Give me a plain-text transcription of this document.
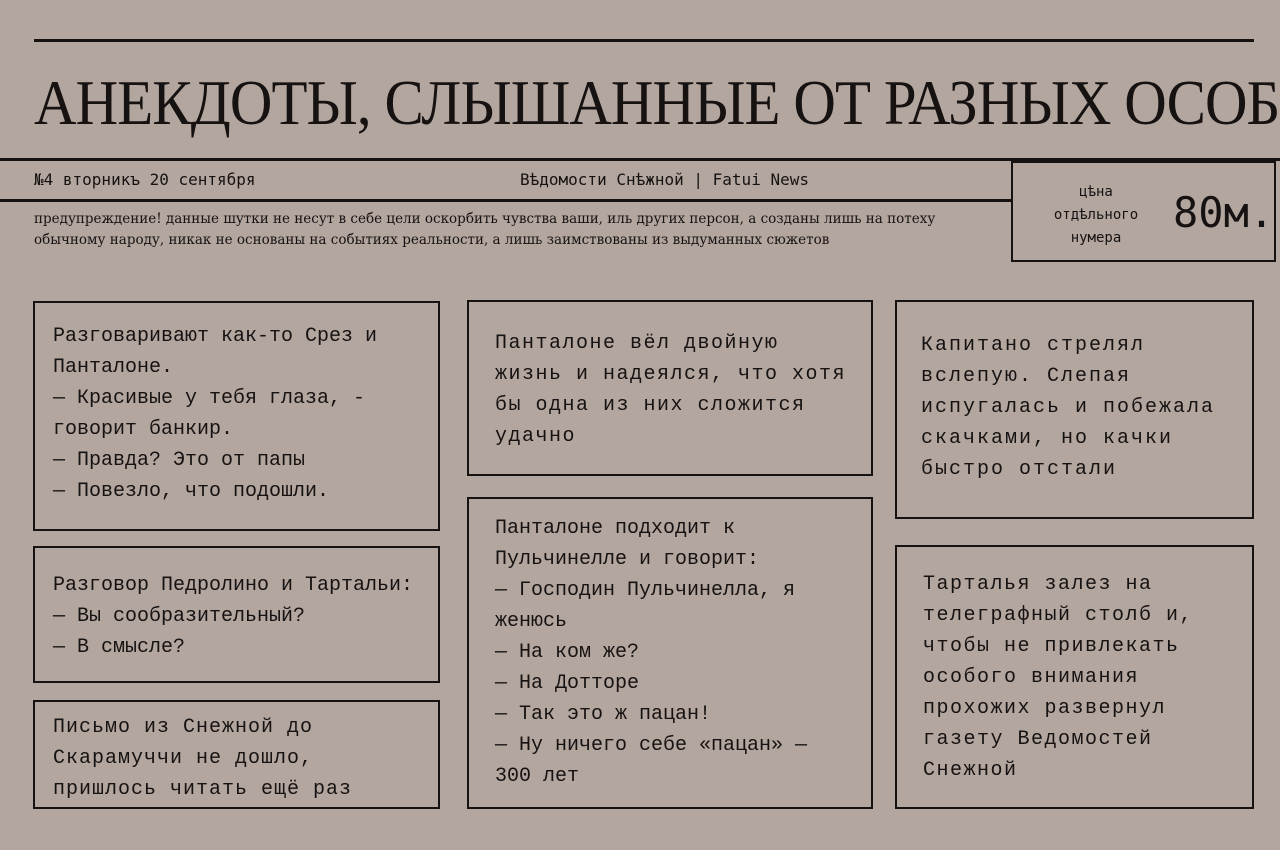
АНЕКДОТЫ, СЛЫШАННЫЕ ОТ РАЗНЫХ ОСОБ
№4 вторникъ 20 сентября	Вѣдомости Снѣжной | Fatui News
предупреждение! данные шутки не несут в себе цели оскорбить чувства ваши, иль других персон, а созданы лишь на потеху обычному народу, никак не основаны на событиях реальности, а лишь заимствованы из выдуманных сюжетов
цѣна отдѣльного нумера
80м.
Разговаривают как-то Срез и Панталоне.
— Красивые у тебя глаза, - говорит банкир.
— Правда? Это от папы
— Повезло, что подошли.
Разговор Педролино и Тартальи:
— Вы сообразительный?
— В смысле?
Письмо из Снежной до Скарамуччи не дошло, пришлось читать ещё раз
Панталоне вёл двойную жизнь и надеялся, что хотя бы одна из них сложится удачно
Панталоне подходит к Пульчинелле и говорит:
— Господин Пульчинелла, я женюсь
— На ком же?
— На Дотторе
— Так это ж пацан!
— Ну ничего себе «пацан» — 300 лет
Капитано стрелял вслепую. Слепая испугалась и побежала скачками, но качки быстро отстали
Тарталья залез на телеграфный столб и, чтобы не привлекать особого внимания прохожих развернул газету Ведомостей Снежной
